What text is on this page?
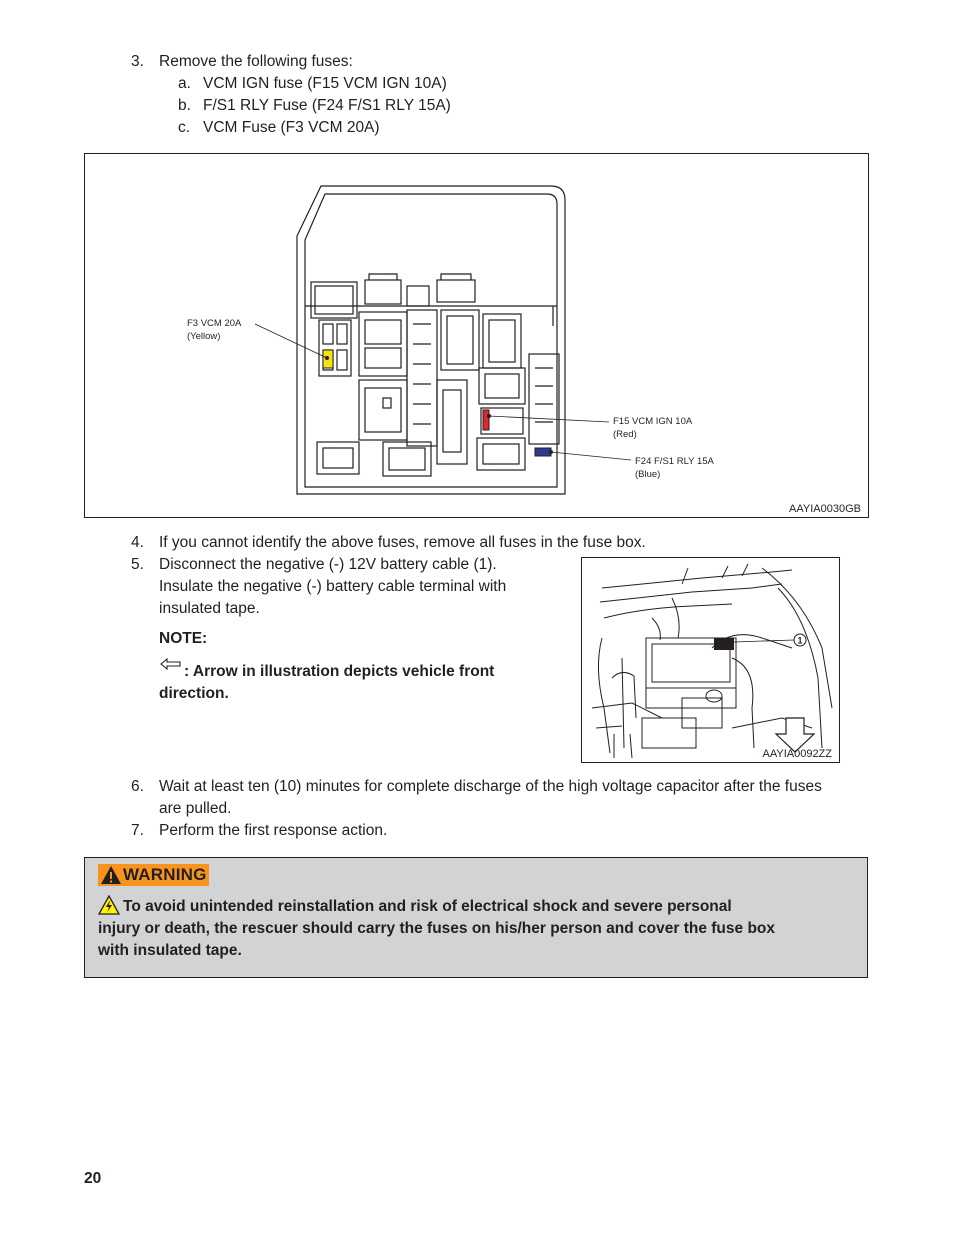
3. Remove the following fuses:
a. VCM IGN fuse (F15 VCM IGN 10A)
b. F/S1 RLY Fuse (F24 F/S1 RLY 15A)
c. VCM Fuse (F3 VCM 20A)
F3 VCM 20A
(Yellow)
F15 VCM IGN 10A
(Red)
F24 F/S1 RLY 15A
(Blue)
AAYIA0030GB
4. If you cannot identify the above fuses, remove all fuses in the fuse box.
5. Disconnect the negative (-) 12V battery cable (1).
Insulate the negative (-) battery cable terminal with
insulated tape.
NOTE:
: Arrow in illustration depicts vehicle front
direction.
1
AAYIA0092ZZ
6. Wait at least ten (10) minutes for complete discharge of the high voltage capacitor after the fuses
are pulled.
7. Perform the first response action.
WARNING
To avoid unintended reinstallation and risk of electrical shock and severe personal
injury or death, the rescuer should carry the fuses on his/her person and cover the fuse box
with insulated tape.
20
